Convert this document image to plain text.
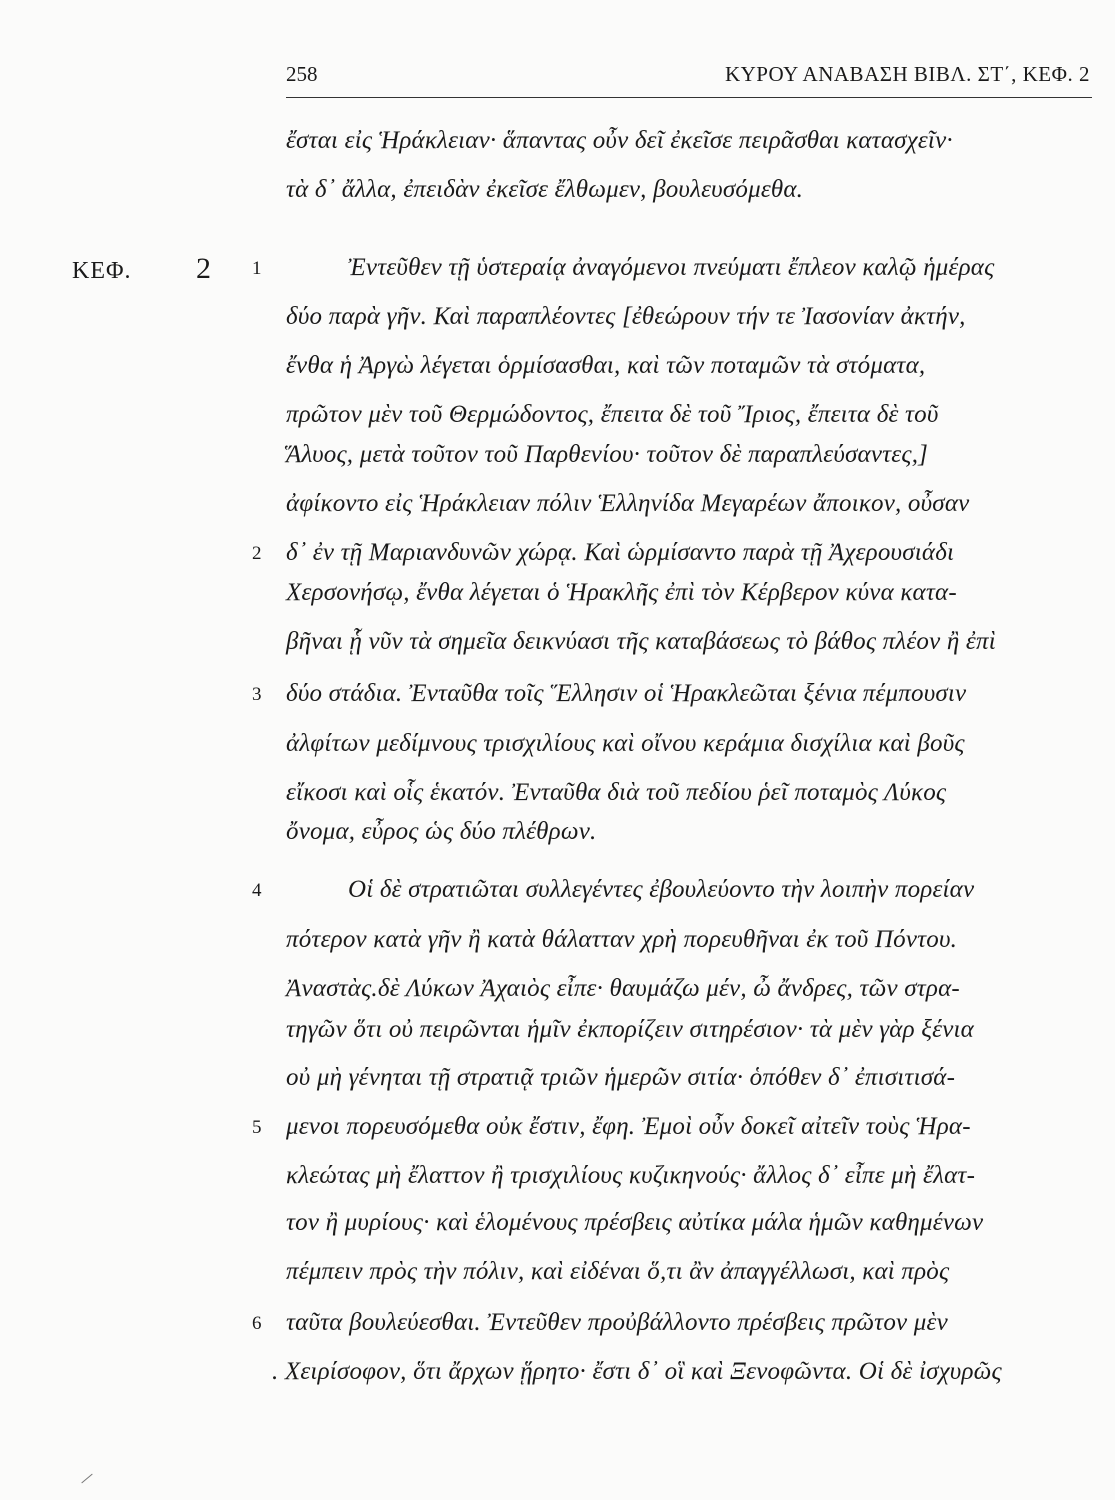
258	ΚΥΡΟΥ ΑΝΑΒΑΣΗ ΒΙΒΛ. ΣΤ΄, ΚΕΦ. 2
ΚΕΦ. 2 1
2
3
4
5
6
ἔσται εἰς Ἡράκλειαν· ἅπαντας οὖν δεῖ ἐκεῖσε πειρᾶσθαι κατασχεῖν·
τὰ δ᾽ ἄλλα, ἐπειδὰν ἐκεῖσε ἔλθωμεν, βουλευσόμεθα.
Ἐντεῦθεν τῇ ὑστεραίᾳ ἀναγόμενοι πνεύματι ἔπλεον καλῷ ἡμέρας
δύο παρὰ γῆν. Καὶ παραπλέοντες [ἐθεώρουν τήν τε Ἰασονίαν ἀκτήν,
ἔνθα ἡ Ἀργὼ λέγεται ὁρμίσασθαι, καὶ τῶν ποταμῶν τὰ στόματα,
πρῶτον μὲν τοῦ Θερμώδοντος, ἔπειτα δὲ τοῦ Ἴριος, ἔπειτα δὲ τοῦ
Ἅλυος, μετὰ τοῦτον τοῦ Παρθενίου· τοῦτον δὲ παραπλεύσαντες,]
ἀφίκοντο εἰς Ἡράκλειαν πόλιν Ἑλληνίδα Μεγαρέων ἄποικον, οὖσαν
δ᾽ ἐν τῇ Μαριανδυνῶν χώρᾳ. Καὶ ὡρμίσαντο παρὰ τῇ Ἀχερουσιάδι
Χερσονήσῳ, ἔνθα λέγεται ὁ Ἡρακλῆς ἐπὶ τὸν Κέρβερον κύνα κατα-
βῆναι ᾗ νῦν τὰ σημεῖα δεικνύασι τῆς καταβάσεως τὸ βάθος πλέον ἢ ἐπὶ
δύο στάδια. Ἐνταῦθα τοῖς Ἕλλησιν οἱ Ἡρακλεῶται ξένια πέμπουσιν
ἀλφίτων μεδίμνους τρισχιλίους καὶ οἴνου κεράμια δισχίλια καὶ βοῦς
εἴκοσι καὶ οἷς ἑκατόν. Ἐνταῦθα διὰ τοῦ πεδίου ῥεῖ ποταμὸς Λύκος
ὄνομα, εὖρος ὡς δύο πλέθρων.
Οἱ δὲ στρατιῶται συλλεγέντες ἐβουλεύοντο τὴν λοιπὴν πορείαν
πότερον κατὰ γῆν ἢ κατὰ θάλατταν χρὴ πορευθῆναι ἐκ τοῦ Πόντου.
Ἀναστὰς.δὲ Λύκων Ἀχαιὸς εἶπε· θαυμάζω μέν, ὦ ἄνδρες, τῶν στρα-
τηγῶν ὅτι οὐ πειρῶνται ἡμῖν ἐκπορίζειν σιτηρέσιον· τὰ μὲν γὰρ ξένια
οὐ μὴ γένηται τῇ στρατιᾷ τριῶν ἡμερῶν σιτία· ὁπόθεν δ᾽ ἐπισιτισά-
μενοι πορευσόμεθα οὐκ ἔστιν, ἔφη. Ἐμοὶ οὖν δοκεῖ αἰτεῖν τοὺς Ἡρα-
κλεώτας μὴ ἔλαττον ἢ τρισχιλίους κυζικηνούς· ἄλλος δ᾽ εἶπε μὴ ἔλατ-
τον ἢ μυρίους· καὶ ἑλομένους πρέσβεις αὐτίκα μάλα ἡμῶν καθημένων
πέμπειν πρὸς τὴν πόλιν, καὶ εἰδέναι ὅ,τι ἂν ἀπαγγέλλωσι, καὶ πρὸς
ταῦτα βουλεύεσθαι. Ἐντεῦθεν προὐβάλλοντο πρέσβεις πρῶτον μὲν
. Χειρίσοφον, ὅτι ἄρχων ᾕρητο· ἔστι δ᾽ οἳ καὶ Ξενοφῶντα. Οἱ δὲ ἰσχυρῶς
